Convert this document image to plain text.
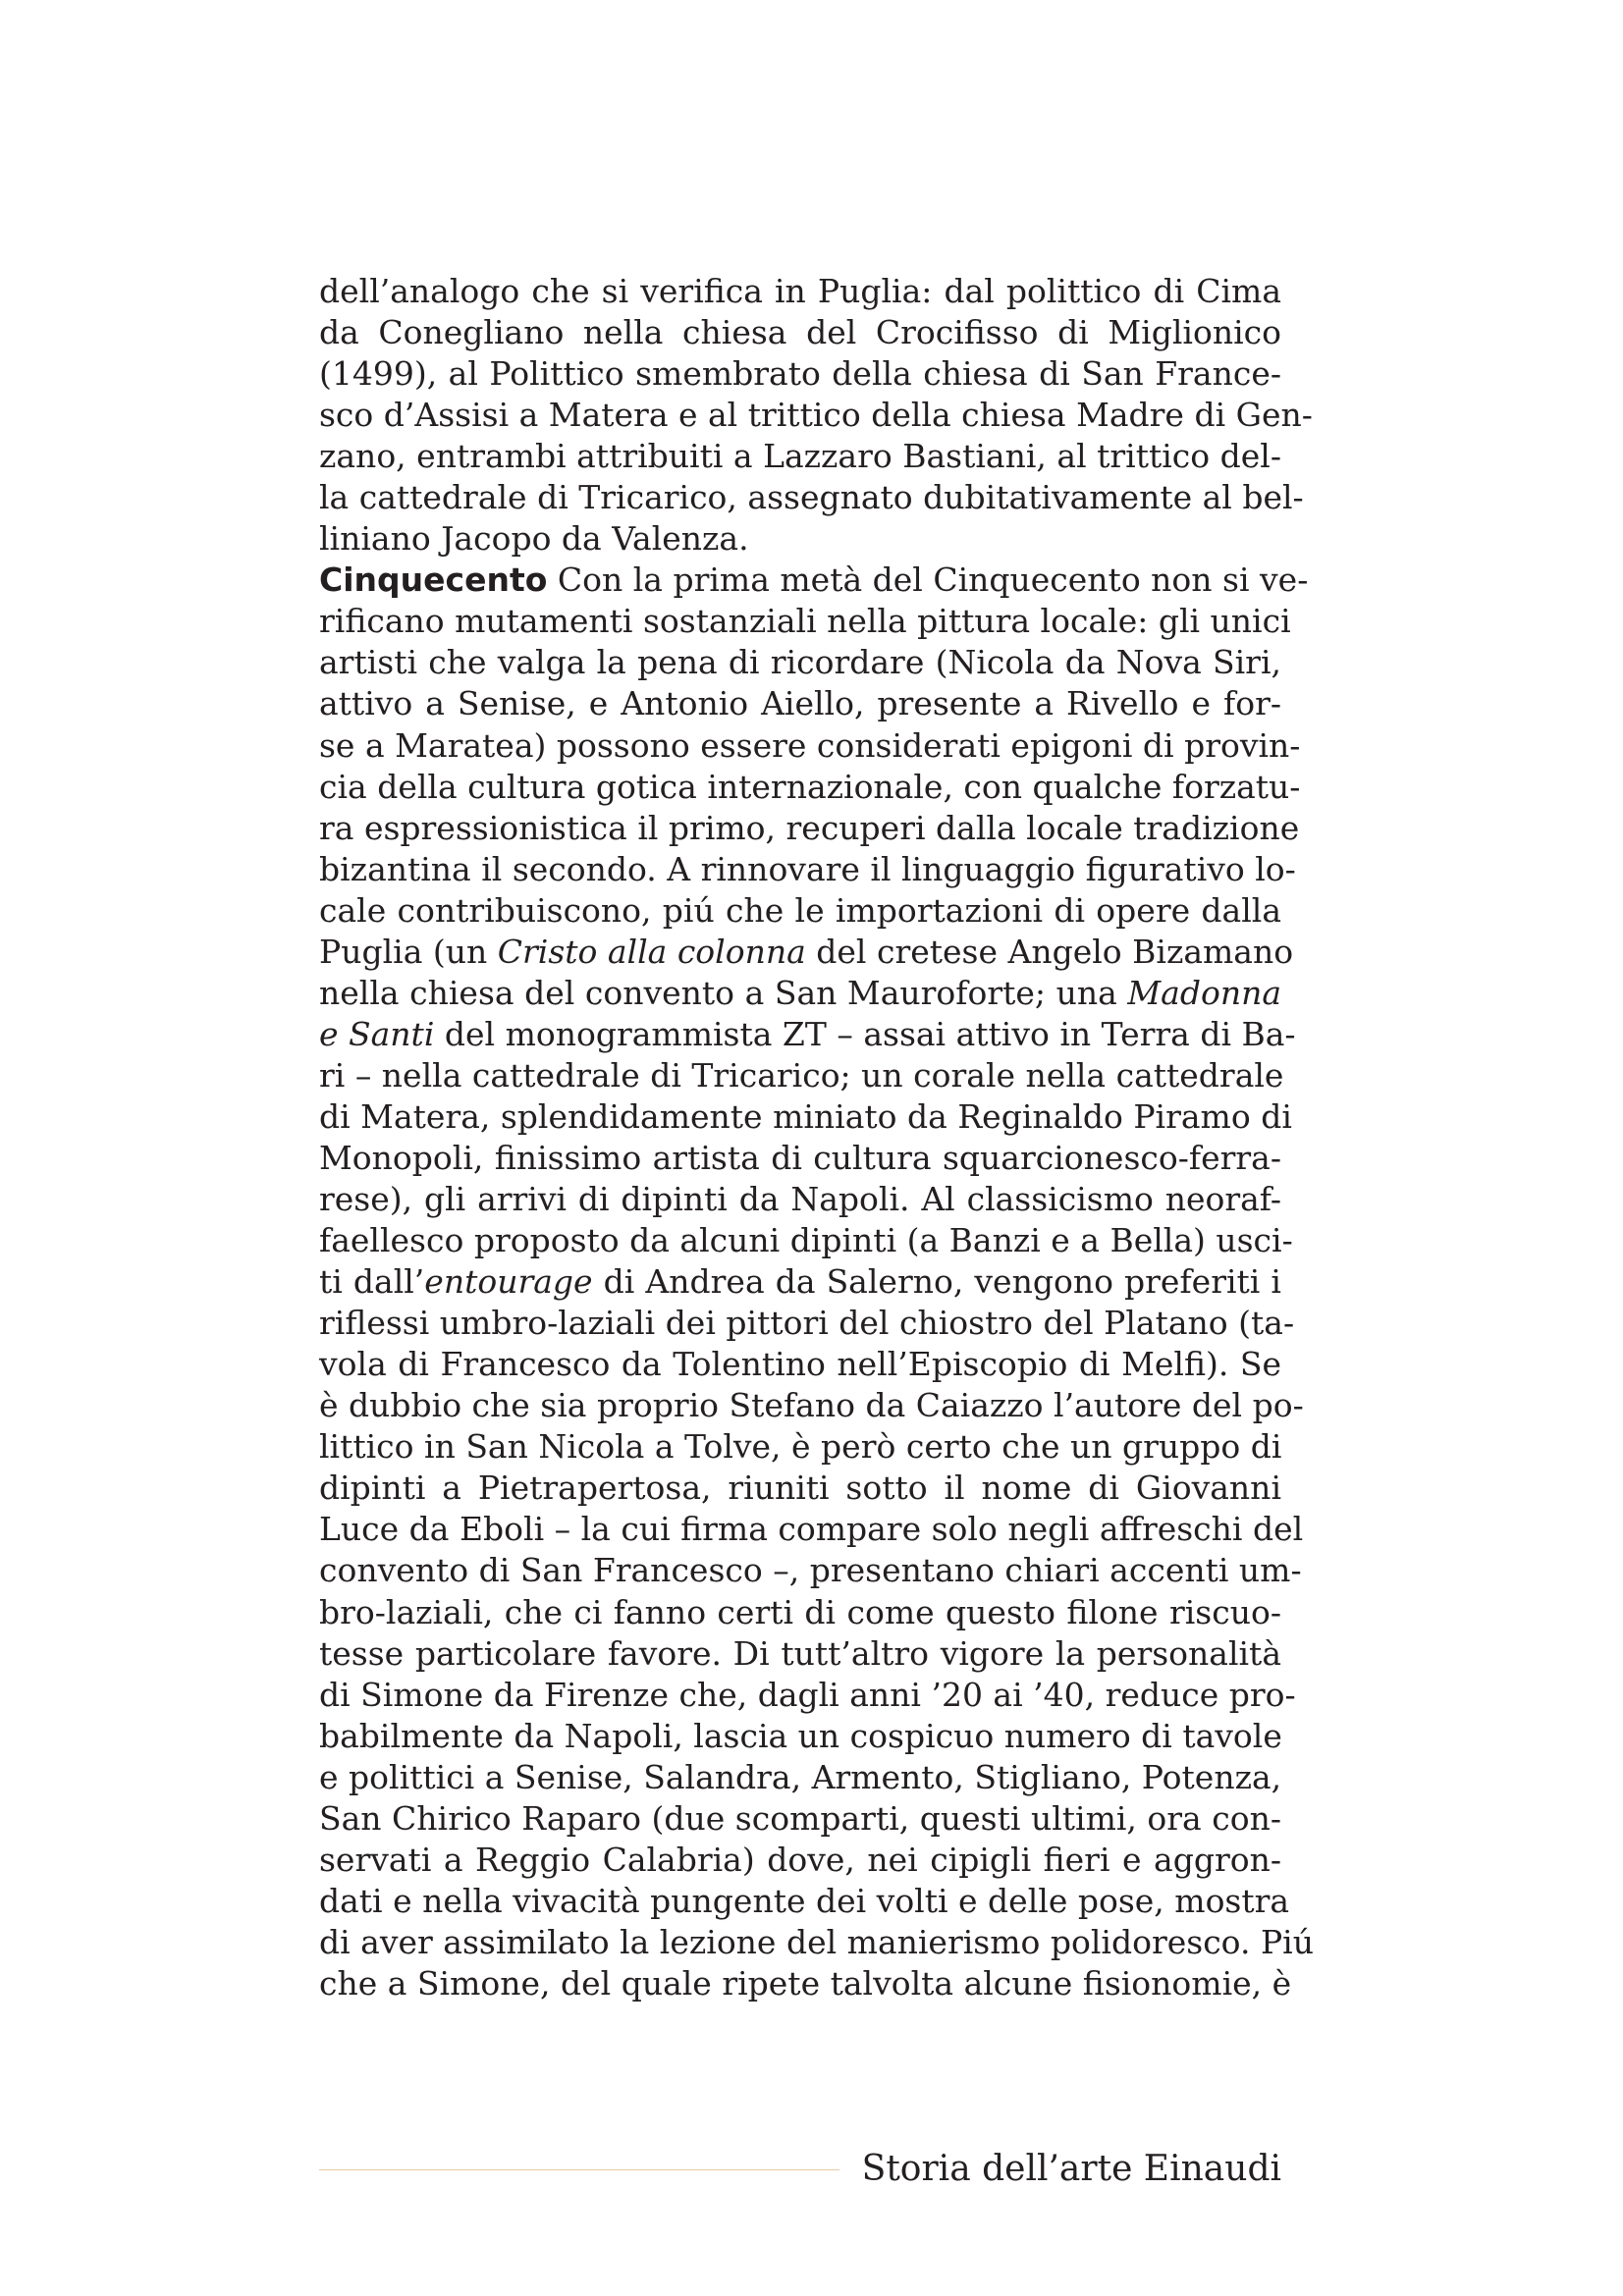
dell’analogo che si verifica in Puglia: dal polittico di Cima
da Conegliano nella chiesa del Crocifisso di Miglionico
(1499), al Polittico smembrato della chiesa di San France-
sco d’Assisi a Matera e al trittico della chiesa Madre di Gen-
zano, entrambi attribuiti a Lazzaro Bastiani, al trittico del-
la cattedrale di Tricarico, assegnato dubitativamente al bel-
liniano Jacopo da Valenza.
Cinquecento Con la prima metà del Cinquecento non si ve-
rificano mutamenti sostanziali nella pittura locale: gli unici
artisti che valga la pena di ricordare (Nicola da Nova Siri,
attivo a Senise, e Antonio Aiello, presente a Rivello e for-
se a Maratea) possono essere considerati epigoni di provin-
cia della cultura gotica internazionale, con qualche forzatu-
ra espressionistica il primo, recuperi dalla locale tradizione
bizantina il secondo. A rinnovare il linguaggio figurativo lo-
cale contribuiscono, piú che le importazioni di opere dalla
Puglia (un Cristo alla colonna del cretese Angelo Bizamano
nella chiesa del convento a San Mauroforte; una Madonna
e Santi del monogrammista ZT – assai attivo in Terra di Ba-
ri – nella cattedrale di Tricarico; un corale nella cattedrale
di Matera, splendidamente miniato da Reginaldo Piramo di
Monopoli, finissimo artista di cultura squarcionesco-ferra-
rese), gli arrivi di dipinti da Napoli. Al classicismo neoraf-
faellesco proposto da alcuni dipinti (a Banzi e a Bella) usci-
ti dall’entourage di Andrea da Salerno, vengono preferiti i
riflessi umbro-laziali dei pittori del chiostro del Platano (ta-
vola di Francesco da Tolentino nell’Episcopio di Melfi). Se
è dubbio che sia proprio Stefano da Caiazzo l’autore del po-
littico in San Nicola a Tolve, è però certo che un gruppo di
dipinti a Pietrapertosa, riuniti sotto il nome di Giovanni
Luce da Eboli – la cui firma compare solo negli affreschi del
convento di San Francesco –, presentano chiari accenti um-
bro-laziali, che ci fanno certi di come questo filone riscuo-
tesse particolare favore. Di tutt’altro vigore la personalità
di Simone da Firenze che, dagli anni ’20 ai ’40, reduce pro-
babilmente da Napoli, lascia un cospicuo numero di tavole
e polittici a Senise, Salandra, Armento, Stigliano, Potenza,
San Chirico Raparo (due scomparti, questi ultimi, ora con-
servati a Reggio Calabria) dove, nei cipigli fieri e aggron-
dati e nella vivacità pungente dei volti e delle pose, mostra
di aver assimilato la lezione del manierismo polidoresco. Piú
che a Simone, del quale ripete talvolta alcune fisionomie, è
Storia dell’arte Einaudi
